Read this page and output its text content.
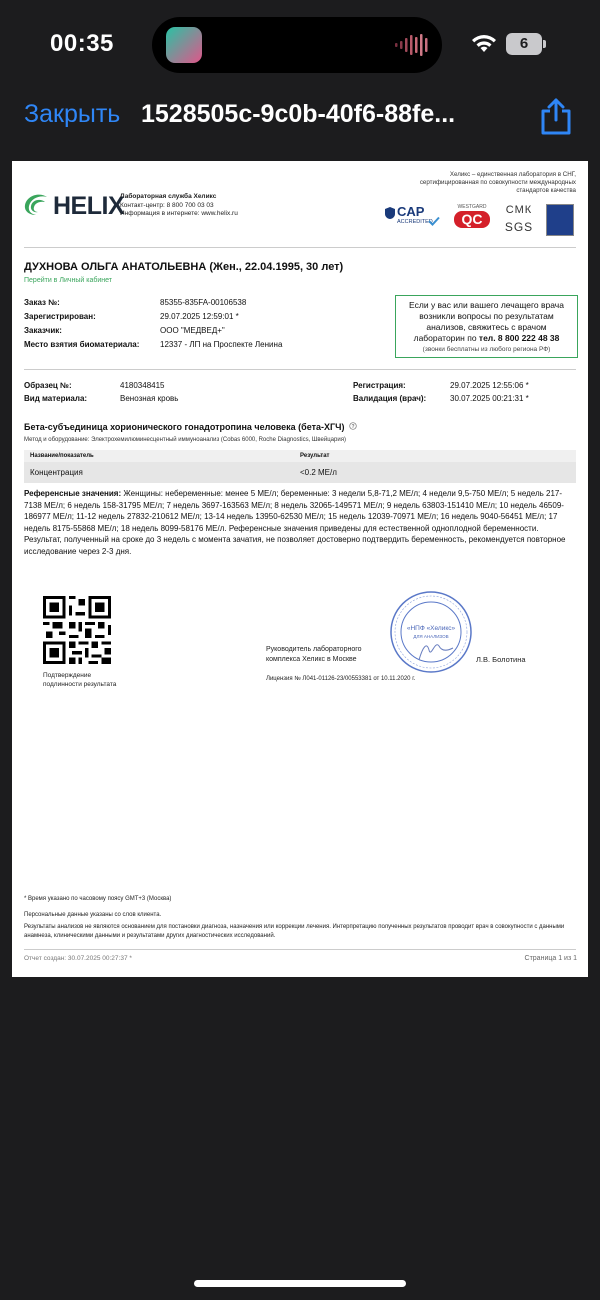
00:35	6
Закрыть 1528505c-9c0b-40f6-88fe...
HELIX
Лабораторная служба Хеликс
Контакт-центр: 8 800 700 03 03
Информация в интернете: www.helix.ru
Хеликс – единственная лаборатория в СНГ,
сертифицированная по совокупности международных
стандартов качества
CAP
ACCREDITED
WESTGARD
QC
СМК

SGS
ДУХНОВА ОЛЬГА АНАТОЛЬЕВНА (Жен., 22.04.1995, 30 лет)
Перейти в Личный кабинет
Заказ №:	85355-835FA-00106538
Зарегистрирован:	29.07.2025 12:59:01 *
Заказчик:	ООО "МЕДВЕД+"
Место взятия биоматериала:	12337 - ЛП на Проспекте Ленина
Если у вас или вашего лечащего врача
возникли вопросы по результатам
анализов, свяжитесь с врачом
лабораторин по тел. 8 800 222 48 38
(звонки бесплатны из любого региона РФ)
Образец №:	4180348415
Вид материала:	Венозная кровь
Регистрация:	29.07.2025 12:55:06 *
Валидация (врач):	30.07.2025 00:21:31 *
Бета-субъединица хорионического гонадотропина человека (бета-ХГЧ) ?
Метод и оборудование: Электрохемилюминесцентный иммуноанализ (Cobas 6000, Roche Diagnostics, Швейцария)
Название/показатель	Результат
Концентрация	<0.2 МЕ/л
Референсные значения: Женщины: небеременные: менее 5 МЕ/л; беременные: 3 недели 5,8-71,2 МЕ/л; 4 недели 9,5-750 МЕ/л; 5 недель 217-7138 МЕ/л; 6 недель 158-31795 МЕ/л; 7 недель 3697-163563 МЕ/л; 8 недель 32065-149571 МЕ/л; 9 недель 63803-151410 МЕ/л; 10 недель 46509-186977 МЕ/л; 11-12 недель 27832-210612 МЕ/л; 13-14 недель 13950-62530 МЕ/л; 15 недель 12039-70971 МЕ/л; 16 недель 9040-56451 МЕ/л; 17 недель 8175-55868 МЕ/л; 18 недель 8099-58176 МЕ/л. Референсные значения приведены для естественной одноплодной беременности. Результат, полученный на сроке до 3 недель с момента зачатия, не позволяет достоверно подтвердить беременность, рекомендуется повторное исследование через 2-3 дня.
Подтверждение
подлинности результата
«НПФ «Хеликс»
ДЛЯ АНАЛИЗОВ
Руководитель лабораторного
комплекса Хеликс в Москве	Л.В. Болотина
Лицензия № Л041-01126-23/00553381 от 10.11.2020 г.
* Время указано по часовому поясу GMT+3 (Москва)
Персональные данные указаны со слов клиента.
Результаты анализов не являются основанием для постановки диагноза, назначения или коррекции лечения. Интерпретацию полученных результатов проводит врач в совокупности с данными анамнеза, клиническими данными и результатами других диагностических исследований.
Отчет создан: 30.07.2025 00:27:37 *	Страница 1 из 1
